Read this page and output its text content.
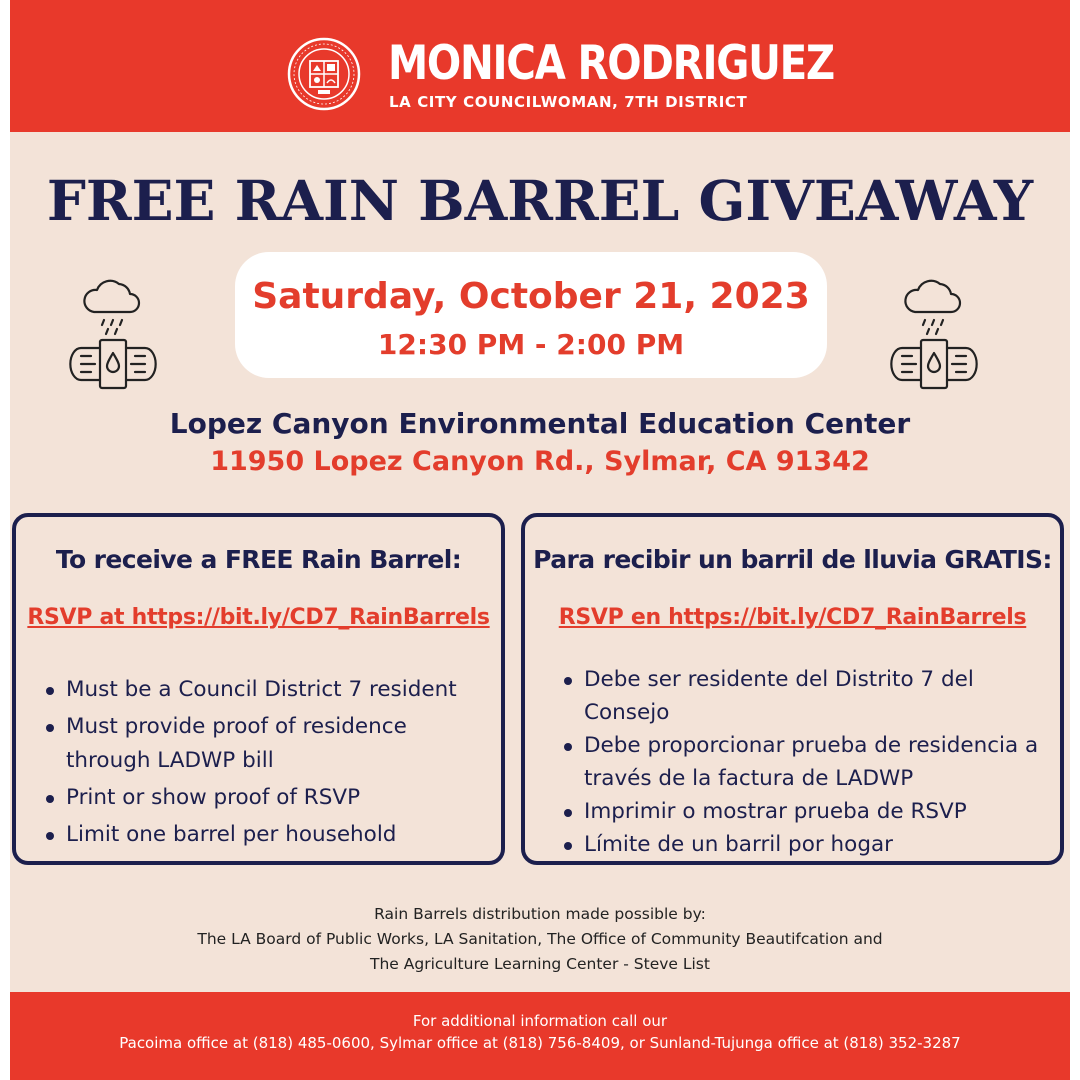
MONICA RODRIGUEZ
LA CITY COUNCILWOMAN, 7TH DISTRICT
FREE RAIN BARREL GIVEAWAY
Saturday, October 21, 2023
12:30 PM - 2:00 PM
Lopez Canyon Environmental Education Center
11950 Lopez Canyon Rd., Sylmar, CA 91342
To receive a FREE Rain Barrel:
RSVP at https://bit.ly/CD7_RainBarrels
Must be a Council District 7 resident
Must provide proof of residence through LADWP bill
Print or show proof of RSVP
Limit one barrel per household
Para recibir un barril de lluvia GRATIS:
RSVP en https://bit.ly/CD7_RainBarrels
Debe ser residente del Distrito 7 del Consejo
Debe proporcionar prueba de residencia a través de la factura de LADWP
Imprimir o mostrar prueba de RSVP
Límite de un barril por hogar
Rain Barrels distribution made possible by:
The LA Board of Public Works, LA Sanitation, The Office of Community Beautifcation and
The Agriculture Learning Center - Steve List
For additional information call our
Pacoima office at (818) 485-0600, Sylmar office at (818) 756-8409, or Sunland-Tujunga office at (818) 352-3287
